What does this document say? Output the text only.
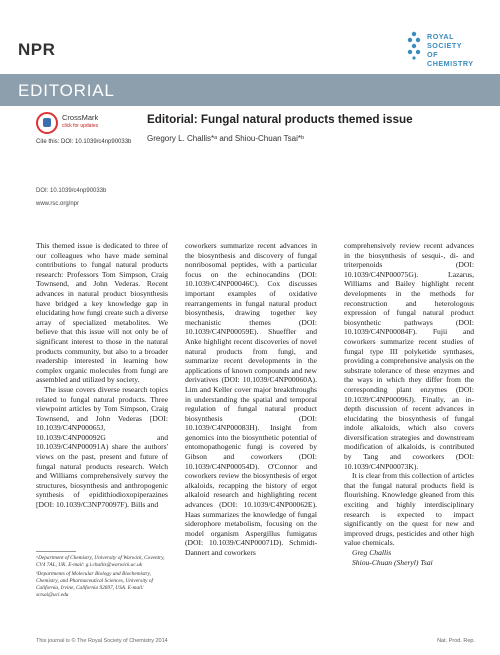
NPR
ROYAL SOCIETY
OF CHEMISTRY
EDITORIAL
CrossMark
click for updates
Cite this: DOI: 10.1039/c4np90033b
Editorial: Fungal natural products themed issue
Gregory L. Challis*ᵃ and Shiou-Chuan Tsai*ᵇ
DOI: 10.1039/c4np90033b
www.rsc.org/npr

This themed issue is dedicated to three of our colleagues who have made seminal contributions to fungal natural products research: Professors Tom Simpson, Craig Townsend, and John Vederas. Recent advances in natural product biosynthesis have bridged a key knowledge gap in elucidating how fungi create such a diverse array of specialized metabolites. We believe that this issue will not only be of significant interest to those in the natural products community, but also to a broader readership interested in learning how complex organic molecules from fungi are assembled and utilized by society.

The issue covers diverse research topics related to fungal natural products. Three viewpoint articles by Tom Simpson, Craig Townsend, and John Vederas [DOI: 10.1039/C4NP00065J, 10.1039/C4NP00092G and 10.1039/C4NP00091A) share the authors' views on the past, present and future of fungal natural products research. Welch and Williams comprehensively survey the structures, biosynthesis and anthropogenic synthesis of epidithiodioxopiperazines [DOI: 10.1039/C3NP70097F). Bills and

coworkers summarize recent advances in the biosynthesis and discovery of fungal nonribosomal peptides, with a particular focus on the echinocandins (DOI: 10.1039/C4NP00046C). Cox discusses important examples of oxidative rearrangements in fungal natural product biosynthesis, drawing together key mechanistic themes (DOI: 10.1039/C4NP00059E). Shueffler and Anke highlight recent discoveries of novel natural products from fungi, and summarize recent developments in the applications of known compounds and new derivatives (DOI: 10.1039/C4NP00060A). Lim and Keller cover major breakthroughs in understanding the spatial and temporal regulation of fungal natural product biosynthesis (DOI: 10.1039/C4NP00083H). Insight from genomics into the biosynthetic potential of entomopathogenic fungi is covered by Gibson and coworkers (DOI: 10.1039/C4NP00054D). O'Connor and coworkers review the biosynthesis of ergot alkaloids, recapping the history of ergot alkaloid research and highlighting recent advances (DOI: 10.1039/C4NP00062E). Haas summarizes the knowledge of fungal siderophore metabolism, focusing on the model organism Aspergillus fumigatus (DOI: 10.1039/C4NP00071D). Schmidt-Dannert and coworkers

comprehensively review recent advances in the biosynthesis of sesqui-, di- and triterpenoids (DOI: 10.1039/C4NP00075G). Lazarus, Williams and Bailey highlight recent developments in the methods for reconstruction and heterologous expression of fungal natural product biosynthetic pathways (DOI: 10.1039/C4NP00084F). Fujii and coworkers summarize recent studies of fungal type III polyketide synthases, providing a comprehensive analysis on the substrate tolerance of these enzymes and the ways in which they differ from the corresponding plant enzymes (DOI: 10.1039/C4NP00096J). Finally, an in-depth discussion of recent advances in elucidating the biosynthesis of fungal indole alkaloids, which also covers diversification strategies and downstream modification of alkaloids, is contributed by Tang and coworkers (DOI: 10.1039/C4NP00073K).

It is clear from this collection of articles that the fungal natural products field is flourishing. Knowledge gleaned from this exciting and highly interdisciplinary research is expected to impact significantly on the quest for new and improved drugs, pesticides and other high value chemicals.

Greg Challis
Shiou-Chuan (Sheryl) Tsai

ᵃDepartment of Chemistry, University of Warwick, Coventry, CV4 7AL, UK. E-mail: g.l.challis@warwick.ac.uk

ᵇDepartments of Molecular Biology and Biochemistry, Chemistry, and Pharmaceutical Sciences, University of California, Irvine, California 92697, USA. E-mail: sctsai@uci.edu

This journal is © The Royal Society of Chemistry 2014	Nat. Prod. Rep.
